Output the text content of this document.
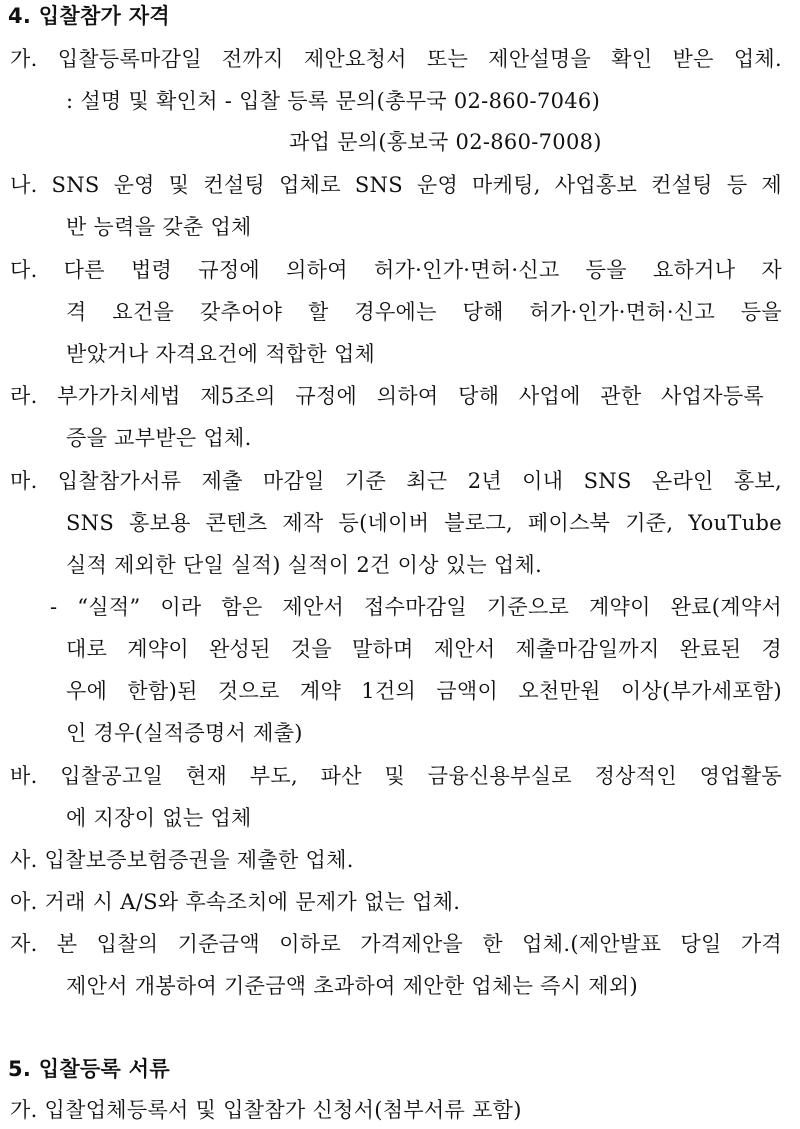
4. 입찰참가 자격
가. 입찰등록마감일 전까지 제안요청서 또는 제안설명을 확인 받은 업체.
: 설명 및 확인처 - 입찰 등록 문의(총무국 02-860-7046)
과업 문의(홍보국 02-860-7008)
나. SNS 운영 및 컨설팅 업체로 SNS 운영 마케팅, 사업홍보 컨설팅 등 제
반 능력을 갖춘 업체
다. 다른 법령 규정에 의하여 허가·인가·면허·신고 등을 요하거나 자
격 요건을 갖추어야 할 경우에는 당해 허가·인가·면허·신고 등을
받았거나 자격요건에 적합한 업체
라. 부가가치세법 제5조의 규정에 의하여 당해 사업에 관한 사업자등록
증을 교부받은 업체.
마. 입찰참가서류 제출 마감일 기준 최근 2년 이내 SNS 온라인 홍보,
SNS 홍보용 콘텐츠 제작 등(네이버 블로그, 페이스북 기준, YouTube
실적 제외한 단일 실적) 실적이 2건 이상 있는 업체.
- “실적” 이라 함은 제안서 접수마감일 기준으로 계약이 완료(계약서
대로 계약이 완성된 것을 말하며 제안서 제출마감일까지 완료된 경
우에 한함)된 것으로 계약 1건의 금액이 오천만원 이상(부가세포함)
인 경우(실적증명서 제출)
바. 입찰공고일 현재 부도, 파산 및 금융신용부실로 정상적인 영업활동
에 지장이 없는 업체
사. 입찰보증보험증권을 제출한 업체.
아. 거래 시 A/S와 후속조치에 문제가 없는 업체.
자. 본 입찰의 기준금액 이하로 가격제안을 한 업체.(제안발표 당일 가격
제안서 개봉하여 기준금액 초과하여 제안한 업체는 즉시 제외)
5. 입찰등록 서류
가. 입찰업체등록서 및 입찰참가 신청서(첨부서류 포함)
